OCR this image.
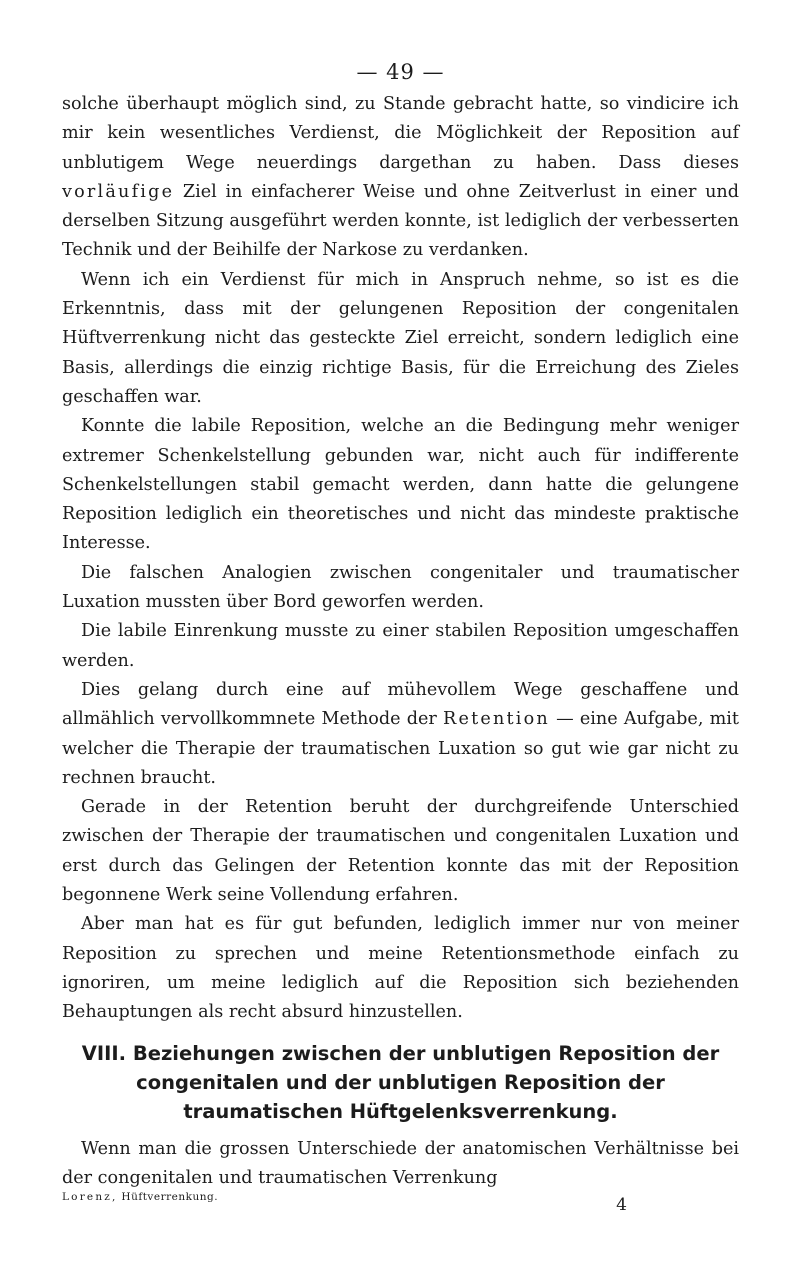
— 49 —

solche überhaupt möglich sind, zu Stande gebracht hatte, so vindicire ich mir kein wesentliches Verdienst, die Möglichkeit der Reposition auf unblutigem Wege neuerdings dargethan zu haben. Dass dieses vorläufige Ziel in einfacherer Weise und ohne Zeitverlust in einer und derselben Sitzung ausgeführt werden konnte, ist lediglich der verbesserten Technik und der Beihilfe der Narkose zu verdanken.

Wenn ich ein Verdienst für mich in Anspruch nehme, so ist es die Erkenntnis, dass mit der gelungenen Reposition der congenitalen Hüftverrenkung nicht das gesteckte Ziel erreicht, sondern lediglich eine Basis, allerdings die einzig richtige Basis, für die Erreichung des Zieles geschaffen war.

Konnte die labile Reposition, welche an die Bedingung mehr weniger extremer Schenkelstellung gebunden war, nicht auch für indifferente Schenkelstellungen stabil gemacht werden, dann hatte die gelungene Reposition lediglich ein theoretisches und nicht das mindeste praktische Interesse.

Die falschen Analogien zwischen congenitaler und traumatischer Luxation mussten über Bord geworfen werden.

Die labile Einrenkung musste zu einer stabilen Reposition umgeschaffen werden.

Dies gelang durch eine auf mühevollem Wege geschaffene und allmählich vervollkommnete Methode der Retention — eine Aufgabe, mit welcher die Therapie der traumatischen Luxation so gut wie gar nicht zu rechnen braucht.

Gerade in der Retention beruht der durchgreifende Unterschied zwischen der Therapie der traumatischen und congenitalen Luxation und erst durch das Gelingen der Retention konnte das mit der Reposition begonnene Werk seine Vollendung erfahren.

Aber man hat es für gut befunden, lediglich immer nur von meiner Reposition zu sprechen und meine Retentionsmethode einfach zu ignoriren, um meine lediglich auf die Reposition sich beziehenden Behauptungen als recht absurd hinzustellen.

VIII. Beziehungen zwischen der unblutigen Reposition der congenitalen und der unblutigen Reposition der traumatischen Hüftgelenksverrenkung.

Wenn man die grossen Unterschiede der anatomischen Verhältnisse bei der congenitalen und traumatischen Verrenkung

Lorenz, Hüftverrenkung.	4
